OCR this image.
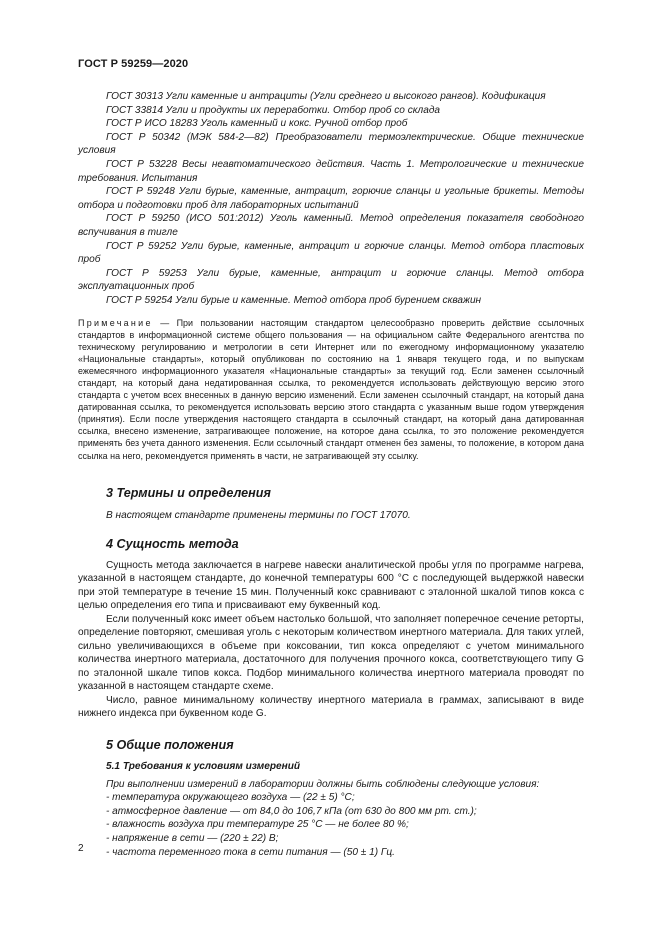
ГОСТ Р 59259—2020

ГОСТ 30313 Угли каменные и антрациты (Угли среднего и высокого рангов). Кодификация

ГОСТ 33814 Угли и продукты их переработки. Отбор проб со склада

ГОСТ Р ИСО 18283 Уголь каменный и кокс. Ручной отбор проб

ГОСТ Р 50342 (МЭК 584-2—82) Преобразователи термоэлектрические. Общие технические условия

ГОСТ Р 53228 Весы неавтоматического действия. Часть 1. Метрологические и технические требования. Испытания

ГОСТ Р 59248 Угли бурые, каменные, антрацит, горючие сланцы и угольные брикеты. Методы отбора и подготовки проб для лабораторных испытаний

ГОСТ Р 59250 (ИСО 501:2012) Уголь каменный. Метод определения показателя свободного вспучивания в тигле

ГОСТ Р 59252 Угли бурые, каменные, антрацит и горючие сланцы. Метод отбора пластовых проб

ГОСТ Р 59253 Угли бурые, каменные, антрацит и горючие сланцы. Метод отбора эксплуатационных проб

ГОСТ Р 59254 Угли бурые и каменные. Метод отбора проб бурением скважин

Примечание — При пользовании настоящим стандартом целесообразно проверить действие ссылочных стандартов в информационной системе общего пользования — на официальном сайте Федерального агентства по техническому регулированию и метрологии в сети Интернет или по ежегодному информационному указателю «Национальные стандарты», который опубликован по состоянию на 1 января текущего года, и по выпускам ежемесячного информационного указателя «Национальные стандарты» за текущий год. Если заменен ссылочный стандарт, на который дана недатированная ссылка, то рекомендуется использовать действующую версию этого стандарта с учетом всех внесенных в данную версию изменений. Если заменен ссылочный стандарт, на который дана датированная ссылка, то рекомендуется использовать версию этого стандарта с указанным выше годом утверждения (принятия). Если после утверждения настоящего стандарта в ссылочный стандарт, на который дана датированная ссылка, внесено изменение, затрагивающее положение, на которое дана ссылка, то это положение рекомендуется применять без учета данного изменения. Если ссылочный стандарт отменен без замены, то положение, в котором дана ссылка на него, рекомендуется применять в части, не затрагивающей эту ссылку.
3 Термины и определения
В настоящем стандарте применены термины по ГОСТ 17070.
4 Сущность метода

Сущность метода заключается в нагреве навески аналитической пробы угля по программе нагрева, указанной в настоящем стандарте, до конечной температуры 600 °С с последующей выдержкой навески при этой температуре в течение 15 мин. Полученный кокс сравнивают с эталонной шкалой типов кокса с целью определения его типа и присваивают ему буквенный код.

Если полученный кокс имеет объем настолько большой, что заполняет поперечное сечение реторты, определение повторяют, смешивая уголь с некоторым количеством инертного материала. Для таких углей, сильно увеличивающихся в объеме при коксовании, тип кокса определяют с учетом минимального количества инертного материала, достаточного для получения прочного кокса, соответствующего типу G по эталонной шкале типов кокса. Подбор минимального количества инертного материала проводят по указанной в настоящем стандарте схеме.

Число, равное минимальному количеству инертного материала в граммах, записывают в виде нижнего индекса при буквенном коде G.

5 Общие положения
5.1 Требования к условиям измерений

При выполнении измерений в лаборатории должны быть соблюдены следующие условия:

- температура окружающего воздуха — (22 ± 5) °С;

- атмосферное давление — от 84,0 до 106,7 кПа (от 630 до 800 мм рт. ст.);

- влажность воздуха при температуре 25 °С — не более 80 %;

- напряжение в сети — (220 ± 22) В;

- частота переменного тока в сети питания — (50 ± 1) Гц.

2
